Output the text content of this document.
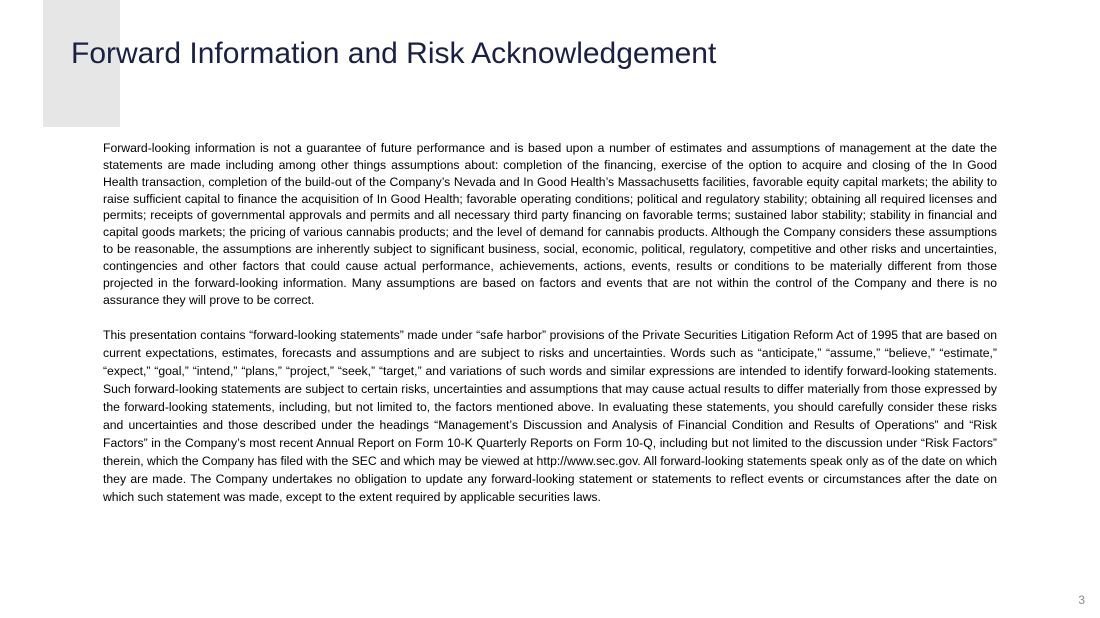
Forward Information and Risk Acknowledgement

Forward-looking information is not a guarantee of future performance and is based upon a number of estimates and assumptions of management at the date the statements are made including among other things assumptions about: completion of the financing, exercise of the option to acquire and closing of the In Good Health transaction, completion of the build-out of the Company’s Nevada and In Good Health’s Massachusetts facilities, favorable equity capital markets; the ability to raise sufficient capital to finance the acquisition of In Good Health; favorable operating conditions; political and regulatory stability; obtaining all required licenses and permits; receipts of governmental approvals and permits and all necessary third party financing on favorable terms; sustained labor stability; stability in financial and capital goods markets; the pricing of various cannabis products; and the level of demand for cannabis products. Although the Company considers these assumptions to be reasonable, the assumptions are inherently subject to significant business, social, economic, political, regulatory, competitive and other risks and uncertainties, contingencies and other factors that could cause actual performance, achievements, actions, events, results or conditions to be materially different from those projected in the forward-looking information. Many assumptions are based on factors and events that are not within the control of the Company and there is no assurance they will prove to be correct.

This presentation contains “forward-looking statements” made under “safe harbor” provisions of the Private Securities Litigation Reform Act of 1995 that are based on current expectations, estimates, forecasts and assumptions and are subject to risks and uncertainties. Words such as “anticipate,” “assume,” “believe,” “estimate,” “expect,” “goal,” “intend,” “plans,” “project,” “seek,” “target,” and variations of such words and similar expressions are intended to identify forward-looking statements. Such forward-looking statements are subject to certain risks, uncertainties and assumptions that may cause actual results to differ materially from those expressed by the forward-looking statements, including, but not limited to, the factors mentioned above. In evaluating these statements, you should carefully consider these risks and uncertainties and those described under the headings “Management’s Discussion and Analysis of Financial Condition and Results of Operations” and “Risk Factors” in the Company’s most recent Annual Report on Form 10-K Quarterly Reports on Form 10-Q, including but not limited to the discussion under “Risk Factors” therein, which the Company has filed with the SEC and which may be viewed at http://www.sec.gov. All forward-looking statements speak only as of the date on which they are made. The Company undertakes no obligation to update any forward-looking statement or statements to reflect events or circumstances after the date on which such statement was made, except to the extent required by applicable securities laws.

3
